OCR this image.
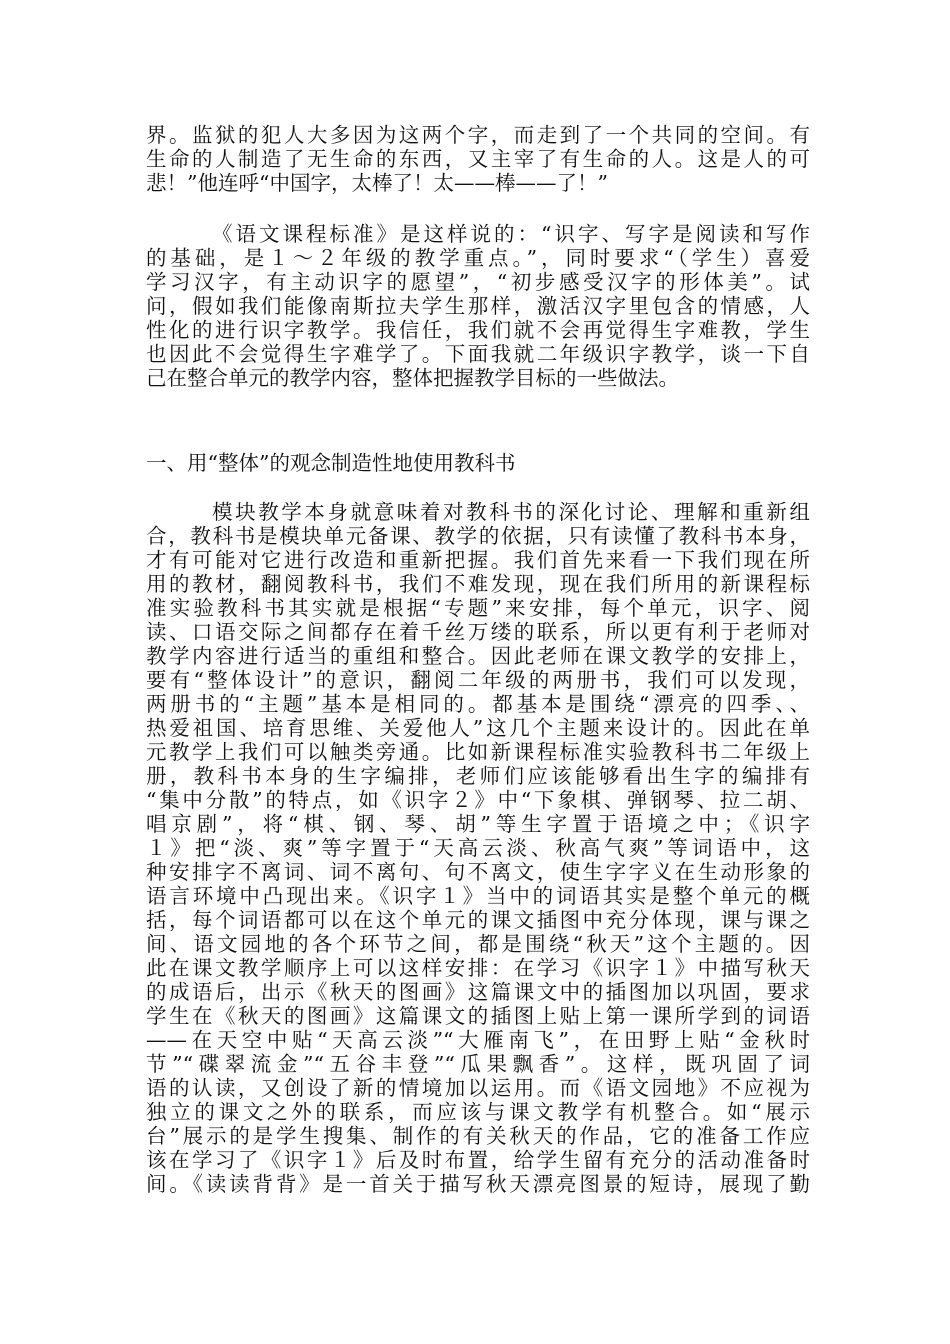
界。监狱的犯人大多因为这两个字，而走到了一个共同的空间。有
生命的人制造了无生命的东西，又主宰了有生命的人。这是人的可
悲！”他连呼“中国字，太棒了！太——棒——了！”
《语文课程标准》是这样说的：“识字、写字是阅读和写作
的基础，是１～２年级的教学重点。”，同时要求“（学生）喜爱
学习汉字，有主动识字的愿望”，“初步感受汉字的形体美”。试
问，假如我们能像南斯拉夫学生那样，激活汉字里包含的情感，人
性化的进行识字教学。我信任，我们就不会再觉得生字难教，学生
也因此不会觉得生字难学了。下面我就二年级识字教学，谈一下自
己在整合单元的教学内容，整体把握教学目标的一些做法。
一、用“整体”的观念制造性地使用教科书
模块教学本身就意味着对教科书的深化讨论、理解和重新组
合，教科书是模块单元备课、教学的依据，只有读懂了教科书本身，
才有可能对它进行改造和重新把握。我们首先来看一下我们现在所
用的教材，翻阅教科书，我们不难发现，现在我们所用的新课程标
准实验教科书其实就是根据“专题”来安排，每个单元，识字、阅
读、口语交际之间都存在着千丝万缕的联系，所以更有利于老师对
教学内容进行适当的重组和整合。因此老师在课文教学的安排上，
要有“整体设计”的意识，翻阅二年级的两册书，我们可以发现，
两册书的“主题”基本是相同的。都基本是围绕“漂亮的四季、、
热爱祖国、培育思维、关爱他人”这几个主题来设计的。因此在单
元教学上我们可以触类旁通。比如新课程标准实验教科书二年级上
册，教科书本身的生字编排，老师们应该能够看出生字的编排有
“集中分散”的特点，如《识字２》中“下象棋、弹钢琴、拉二胡、
唱京剧”，将“棋、钢、琴、胡”等生字置于语境之中；《识字
１》把“淡、爽”等字置于“天高云淡、秋高气爽”等词语中，这
种安排字不离词、词不离句、句不离文，使生字字义在生动形象的
语言环境中凸现出来。《识字１》当中的词语其实是整个单元的概
括，每个词语都可以在这个单元的课文插图中充分体现，课与课之
间、语文园地的各个环节之间，都是围绕“秋天”这个主题的。因
此在课文教学顺序上可以这样安排：在学习《识字１》中描写秋天
的成语后，出示《秋天的图画》这篇课文中的插图加以巩固，要求
学生在《秋天的图画》这篇课文的插图上贴上第一课所学到的词语
——在天空中贴“天高云淡”“大雁南飞”，在田野上贴“金秋时
节”“碟翠流金”“五谷丰登”“瓜果飘香”。这样，既巩固了词
语的认读，又创设了新的情境加以运用。而《语文园地》不应视为
独立的课文之外的联系，而应该与课文教学有机整合。如“展示
台”展示的是学生搜集、制作的有关秋天的作品，它的准备工作应
该在学习了《识字１》后及时布置，给学生留有充分的活动准备时
间。《读读背背》是一首关于描写秋天漂亮图景的短诗，展现了勤
